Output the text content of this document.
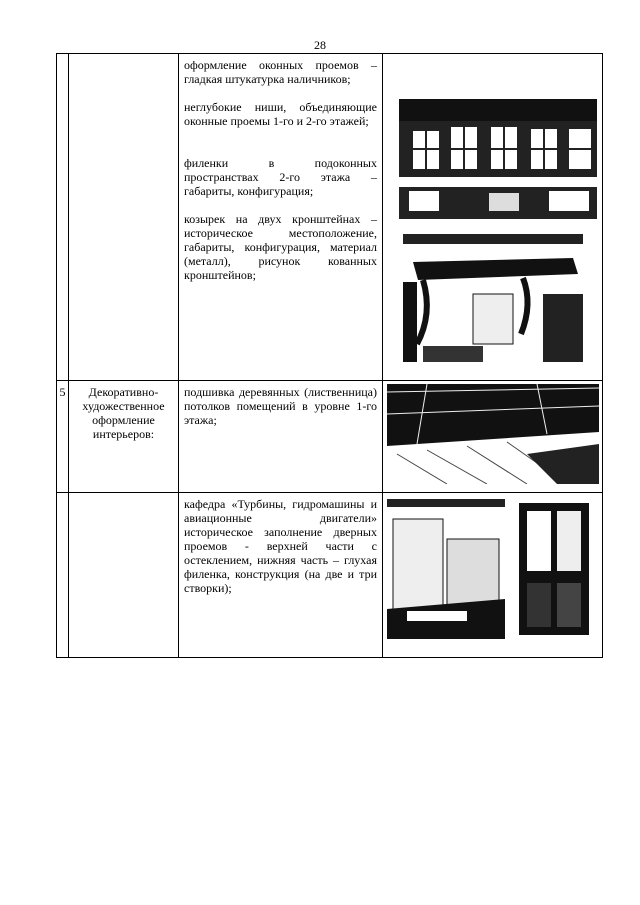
28

		оформление оконных проемов – гладкая штукатурка наличников;

неглубокие ниши, объединяющие оконные проемы 1-го и 2-го этажей;

филенки в подоконных пространствах 2-го этажа – габариты, конфигурация;

козырек на двух кронштейнах – историческое местоположение, габариты, конфигурация, материал (металл), рисунок кованных кронштейнов;

5	Декоративно-художественное оформление интерьеров:	подшивка деревянных (лиственница) потолков помещений в уровне 1-го этажа;

		кафедра «Турбины, гидромашины и авиационные двигатели» историческое заполнение дверных проемов - верхней части с остеклением, нижняя часть – глухая филенка, конструкция (на две и три створки);
